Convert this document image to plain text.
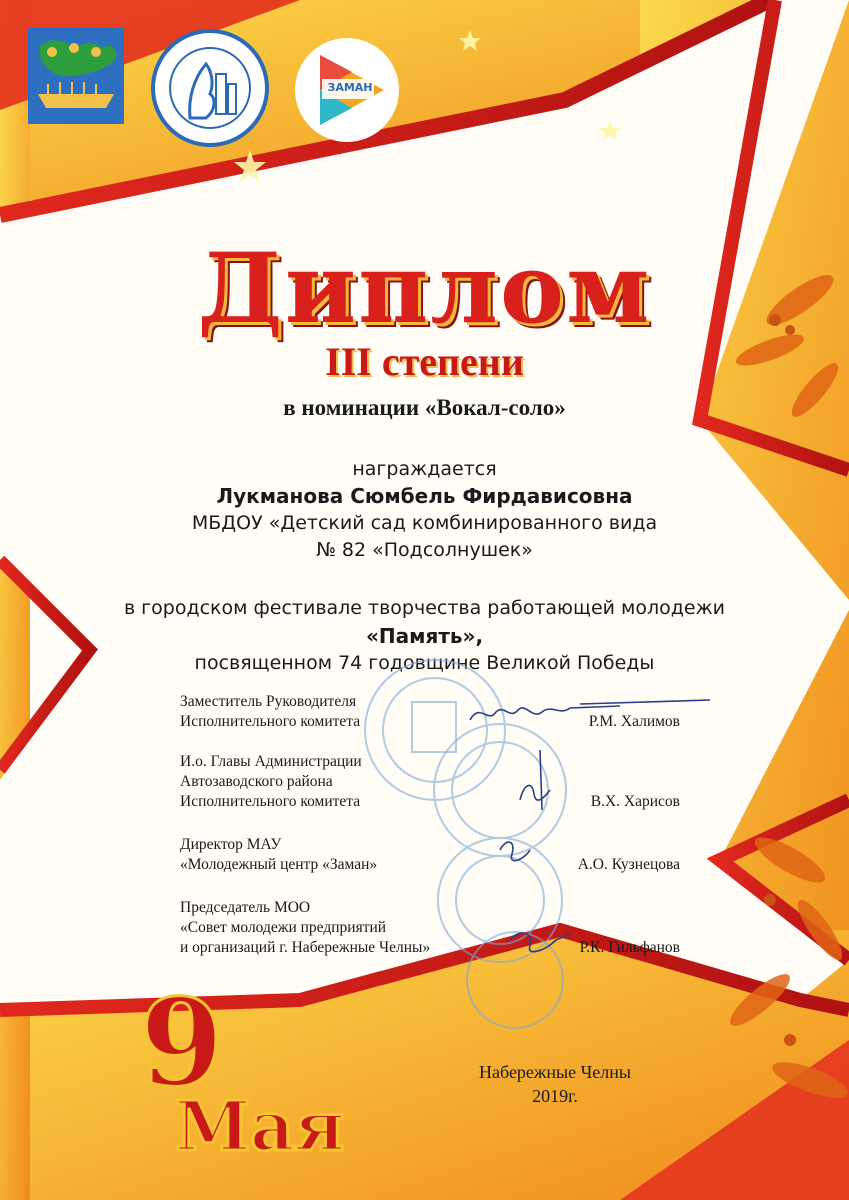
ЗАМАН
Диплом
III степени
в номинации «Вокал-соло»
награждается
Лукманова Сюмбель Фирдависовна
МБДОУ «Детский сад комбинированного вида
№ 82 «Подсолнушек»
в городском фестивале творчества работающей молодежи
«Память»,
посвященном 74 годовщине Великой Победы
Заместитель Руководителя
Исполнительного комитета	Р.М. Халимов
И.о. Главы Администрации
Автозаводского района
Исполнительного комитета	В.Х. Харисов
Директор МАУ
«Молодежный центр «Заман»	А.О. Кузнецова
Председатель МОО
«Совет молодежи предприятий
и организаций г. Набережные Челны»	Р.К. Гильфанов
9
Мая
Набережные Челны
2019г.
